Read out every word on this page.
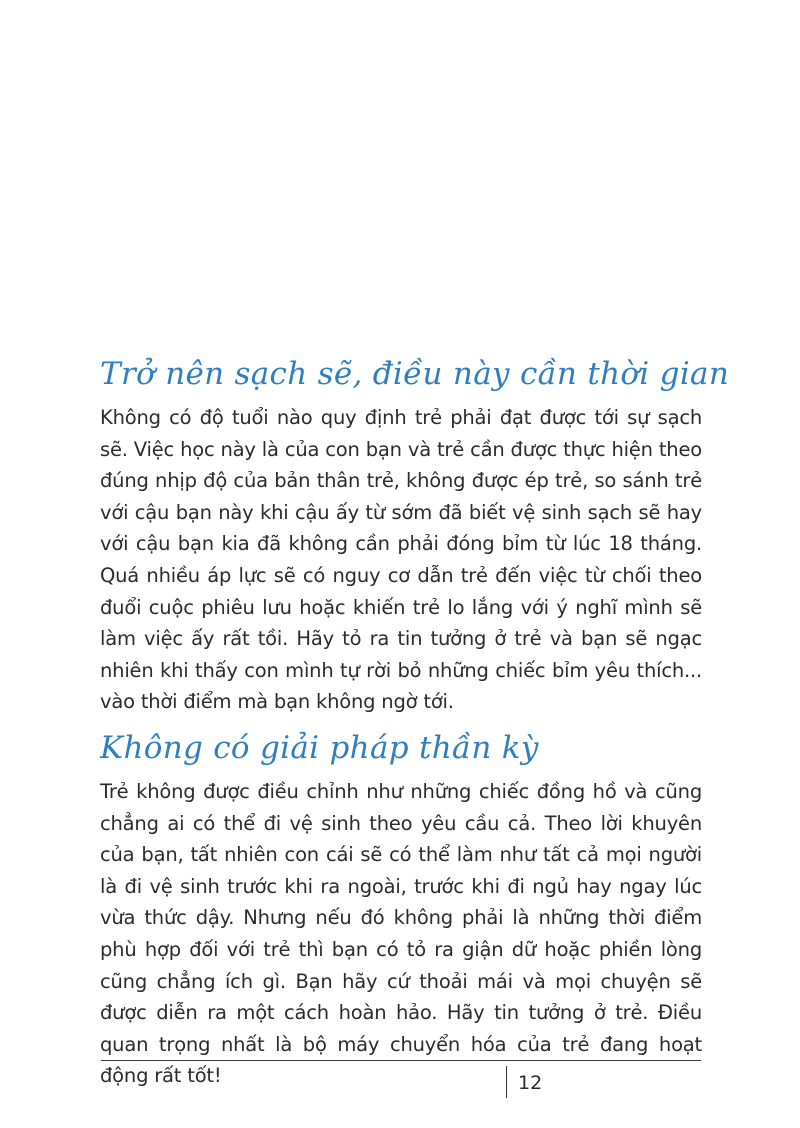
Trở nên sạch sẽ, điều này cần thời gian

Không có độ tuổi nào quy định trẻ phải đạt được tới sự sạch sẽ. Việc học này là của con bạn và trẻ cần được thực hiện theo đúng nhịp độ của bản thân trẻ, không được ép trẻ, so sánh trẻ với cậu bạn này khi cậu ấy từ sớm đã biết vệ sinh sạch sẽ hay với cậu bạn kia đã không cần phải đóng bỉm từ lúc 18 tháng. Quá nhiều áp lực sẽ có nguy cơ dẫn trẻ đến việc từ chối theo đuổi cuộc phiêu lưu hoặc khiến trẻ lo lắng với ý nghĩ mình sẽ làm việc ấy rất tồi. Hãy tỏ ra tin tưởng ở trẻ và bạn sẽ ngạc nhiên khi thấy con mình tự rời bỏ những chiếc bỉm yêu thích... vào thời điểm mà bạn không ngờ tới.

Không có giải pháp thần kỳ

Trẻ không được điều chỉnh như những chiếc đồng hồ và cũng chẳng ai có thể đi vệ sinh theo yêu cầu cả. Theo lời khuyên của bạn, tất nhiên con cái sẽ có thể làm như tất cả mọi người là đi vệ sinh trước khi ra ngoài, trước khi đi ngủ hay ngay lúc vừa thức dậy. Nhưng nếu đó không phải là những thời điểm phù hợp đối với trẻ thì bạn có tỏ ra giận dữ hoặc phiền lòng cũng chẳng ích gì. Bạn hãy cứ thoải mái và mọi chuyện sẽ được diễn ra một cách hoàn hảo. Hãy tin tưởng ở trẻ. Điều quan trọng nhất là bộ máy chuyển hóa của trẻ đang hoạt động rất tốt!	12
